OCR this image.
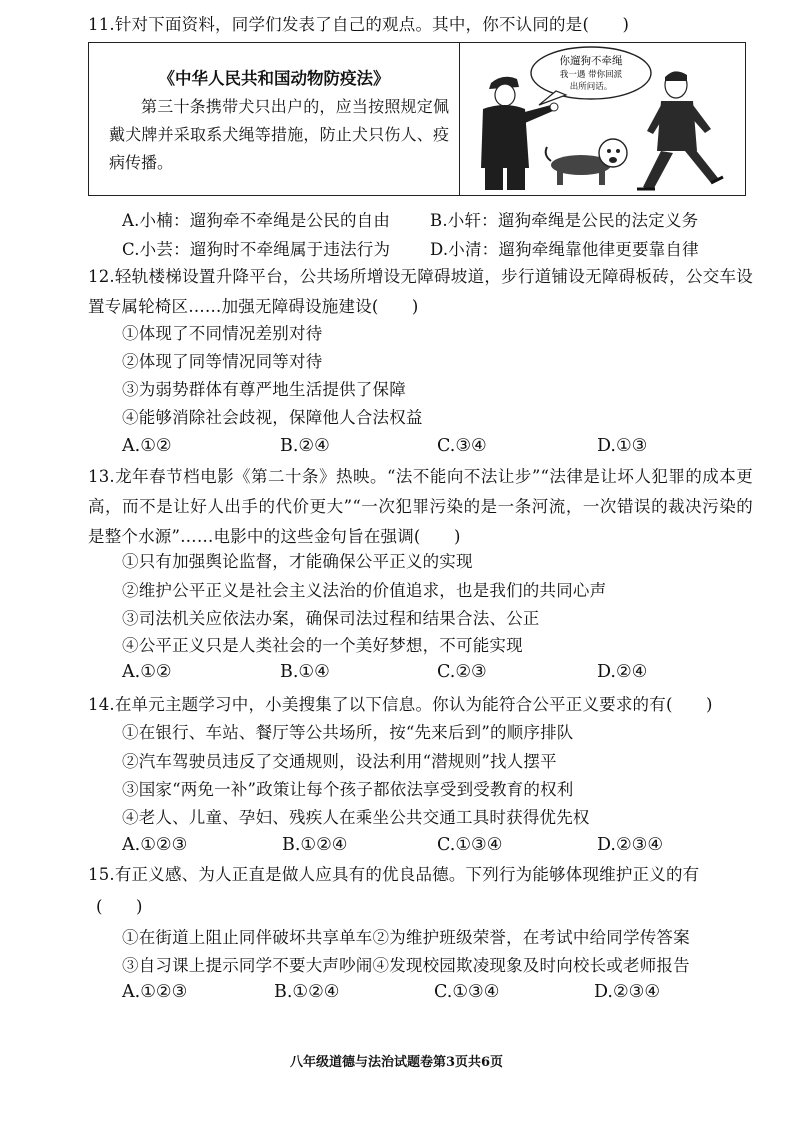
11.针对下面资料，同学们发表了自己的观点。其中，你不认同的是(　　)
《中华人民共和国动物防疫法》
第三十条携带犬只出户的，应当按照规定佩戴犬牌并采取系犬绳等措施，防止犬只伤人、疫病传播。
你遛狗不牵绳
我一遇 带你回派
出所问话。
A.小楠：遛狗牵不牵绳是公民的自由 B.小轩：遛狗牵绳是公民的法定义务
C.小芸：遛狗时不牵绳属于违法行为 D.小清：遛狗牵绳靠他律更要靠自律
12.轻轨楼梯设置升降平台，公共场所增设无障碍坡道，步行道铺设无障碍板砖，公交车设置专属轮椅区……加强无障碍设施建设(　　)
①体现了不同情况差别对待
②体现了同等情况同等对待
③为弱势群体有尊严地生活提供了保障
④能够消除社会歧视，保障他人合法权益
A.①②	B.②④	C.③④	D.①③
13.龙年春节档电影《第二十条》热映。“法不能向不法让步”“法律是让坏人犯罪的成本更高，而不是让好人出手的代价更大”“一次犯罪污染的是一条河流，一次错误的裁决污染的是整个水源”……电影中的这些金句旨在强调(　　)
①只有加强舆论监督，才能确保公平正义的实现
②维护公平正义是社会主义法治的价值追求，也是我们的共同心声
③司法机关应依法办案，确保司法过程和结果合法、公正
④公平正义只是人类社会的一个美好梦想，不可能实现
A.①②	B.①④	C.②③	D.②④
14.在单元主题学习中，小美搜集了以下信息。你认为能符合公平正义要求的有(　　)
①在银行、车站、餐厅等公共场所，按“先来后到”的顺序排队
②汽车驾驶员违反了交通规则，设法利用“潜规则”找人摆平
③国家“两免一补”政策让每个孩子都依法享受到受教育的权利
④老人、儿童、孕妇、残疾人在乘坐公共交通工具时获得优先权
A.①②③	B.①②④	C.①③④	D.②③④
15.有正义感、为人正直是做人应具有的优良品德。下列行为能够体现维护正义的有
(　　)
①在街道上阻止同伴破坏共享单车②为维护班级荣誉，在考试中给同学传答案
③自习课上提示同学不要大声吵闹④发现校园欺凌现象及时向校长或老师报告
A.①②③	B.①②④	C.①③④	D.②③④
八年级道德与法治试题卷第3页共6页
